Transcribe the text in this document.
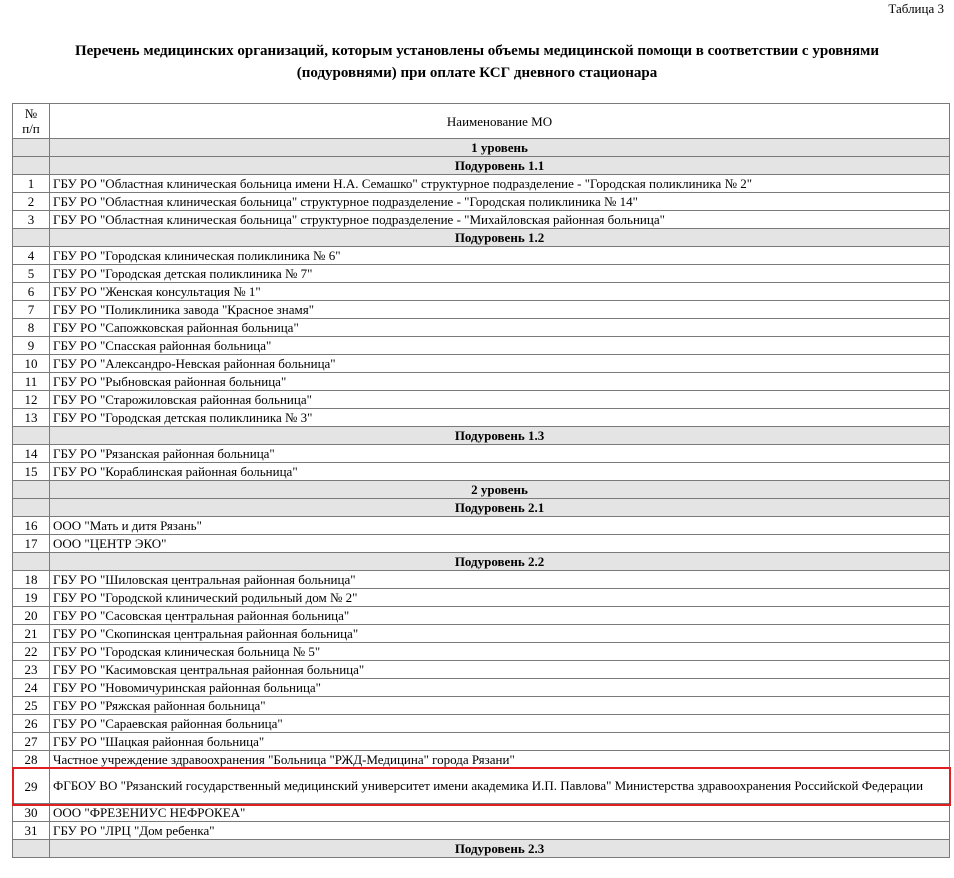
Таблица 3
Перечень медицинских организаций, которым установлены объемы медицинской помощи в соответствии с уровнями
(подуровнями) при оплате КСГ дневного стационара
№
п/п	Наименование МО
	1 уровень
	Подуровень 1.1
1	ГБУ РО "Областная клиническая больница имени Н.А. Семашко" структурное подразделение - "Городская поликлиника № 2"
2	ГБУ РО "Областная клиническая больница" структурное подразделение - "Городская поликлиника № 14"
3	ГБУ РО "Областная клиническая больница" структурное подразделение - "Михайловская районная больница"
	Подуровень 1.2
4	ГБУ РО "Городская клиническая поликлиника № 6"
5	ГБУ РО "Городская детская поликлиника № 7"
6	ГБУ РО "Женская консультация № 1"
7	ГБУ РО "Поликлиника завода "Красное знамя"
8	ГБУ РО "Сапожковская районная больница"
9	ГБУ РО "Спасская районная больница"
10	ГБУ РО "Александро-Невская районная больница"
11	ГБУ РО "Рыбновская районная больница"
12	ГБУ РО "Старожиловская районная больница"
13	ГБУ РО "Городская детская поликлиника № 3"
	Подуровень 1.3
14	ГБУ РО "Рязанская районная больница"
15	ГБУ РО "Кораблинская районная больница"
	2 уровень
	Подуровень 2.1
16	ООО "Мать и дитя Рязань"
17	ООО "ЦЕНТР ЭКО"
	Подуровень 2.2
18	ГБУ РО "Шиловская центральная районная больница"
19	ГБУ РО "Городской клинический родильный дом № 2"
20	ГБУ РО "Сасовская центральная районная больница"
21	ГБУ РО "Скопинская центральная районная больница"
22	ГБУ РО "Городская клиническая больница № 5"
23	ГБУ РО "Касимовская центральная районная больница"
24	ГБУ РО "Новомичуринская районная больница"
25	ГБУ РО "Ряжская районная больница"
26	ГБУ РО "Сараевская районная больница"
27	ГБУ РО "Шацкая районная больница"
28	Частное учреждение здравоохранения "Больница "РЖД-Медицина" города Рязани"
29	ФГБОУ ВО "Рязанский государственный медицинский университет имени академика И.П. Павлова" Министерства здравоохранения Российской Федерации
30	ООО "ФРЕЗЕНИУС НЕФРОКЕА"
31	ГБУ РО "ЛРЦ "Дом ребенка"
	Подуровень 2.3
